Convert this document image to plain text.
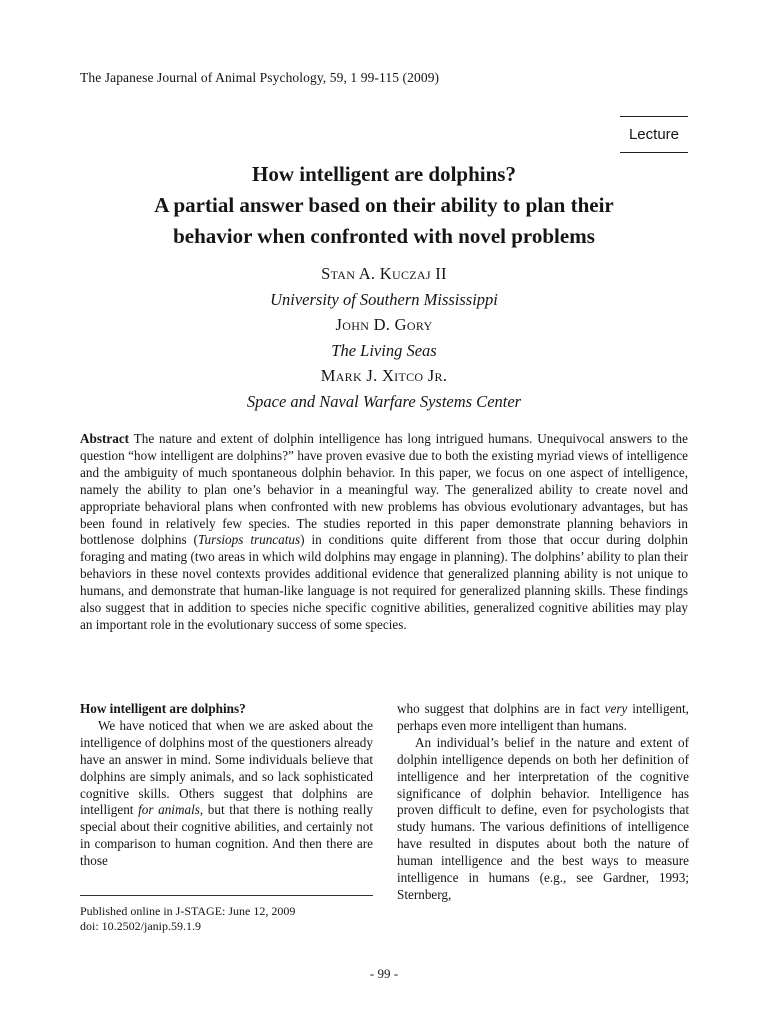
The Japanese Journal of Animal Psychology, 59, 1 99-115 (2009)
Lecture
How intelligent are dolphins?
A partial answer based on their ability to plan their
behavior when confronted with novel problems
Stan A. Kuczaj II
University of Southern Mississippi
John D. Gory
The Living Seas
Mark J. Xitco Jr.
Space and Naval Warfare Systems Center
Abstract The nature and extent of dolphin intelligence has long intrigued humans. Unequivocal answers to the question “how intelligent are dolphins?” have proven evasive due to both the existing myriad views of intelligence and the ambiguity of much spontaneous dolphin behavior. In this paper, we focus on one aspect of intelligence, namely the ability to plan one’s behavior in a meaningful way. The generalized ability to create novel and appropriate behavioral plans when confronted with new problems has obvious evolutionary advantages, but has been found in relatively few species. The studies reported in this paper demonstrate planning behaviors in bottlenose dolphins (Tursiops truncatus) in conditions quite different from those that occur during dolphin foraging and mating (two areas in which wild dolphins may engage in planning). The dolphins’ ability to plan their behaviors in these novel contexts provides additional evidence that generalized planning ability is not unique to humans, and demonstrate that human-like language is not required for generalized planning skills. These findings also suggest that in addition to species niche specific cognitive abilities, generalized cognitive abilities may play an important role in the evolutionary success of some species.

How intelligent are dolphins?

We have noticed that when we are asked about the intelligence of dolphins most of the questioners already have an answer in mind. Some individuals believe that dolphins are simply animals, and so lack sophisticated cognitive skills. Others suggest that dolphins are intelligent for animals, but that there is nothing really special about their cognitive abilities, and certainly not in comparison to human cognition. And then there are those

Published online in J-STAGE: June 12, 2009
doi: 10.2502/janip.59.1.9

who suggest that dolphins are in fact very intelligent, perhaps even more intelligent than humans.

An individual’s belief in the nature and extent of dolphin intelligence depends on both her definition of intelligence and her interpretation of the cognitive significance of dolphin behavior. Intelligence has proven difficult to define, even for psychologists that study humans. The various definitions of intelligence have resulted in disputes about both the nature of human intelligence and the best ways to measure intelligence in humans (e.g., see Gardner, 1993; Sternberg,

- 99 -
